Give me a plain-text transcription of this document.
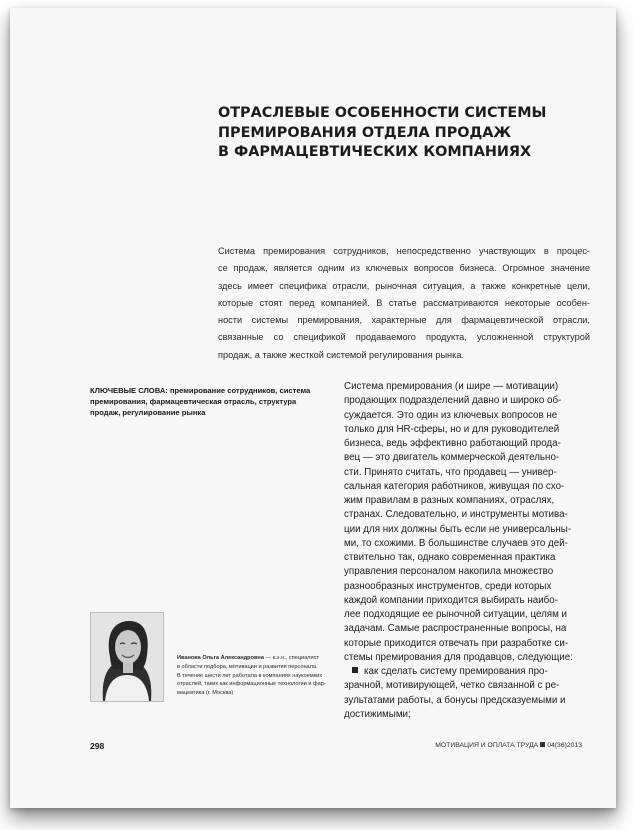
ОТРАСЛЕВЫЕ ОСОБЕННОСТИ СИСТЕМЫ
ПРЕМИРОВАНИЯ ОТДЕЛА ПРОДАЖ
В ФАРМАЦЕВТИЧЕСКИХ КОМПАНИЯХ
Система премирования сотрудников, непосредственно участвующих в процес-
се продаж, является одним из ключевых вопросов бизнеса. Огромное значение
здесь имеет специфика отрасли, рыночная ситуация, а также конкретные цели,
которые стоят перед компанией. В статье рассматриваются некоторые особен-
ности системы премирования, характерные для фармацевтической отрасли,
связанные со спецификой продаваемого продукта, усложненной структурой
продаж, а также жесткой системой регулирования рынка.
КЛЮЧЕВЫЕ СЛОВА: премирование сотрудников, система
премирования, фармацевтическая отрасль, структура
продаж, регулирование рынка
Система премирования (и шире — мотивации)
продающих подразделений давно и широко об-
суждается. Это один из ключевых вопросов не
только для HR-сферы, но и для руководителей
бизнеса, ведь эффективно работающий прода-
вец — это двигатель коммерческой деятельно-
сти. Принято считать, что продавец — универ-
сальная категория работников, живущая по схо-
жим правилам в разных компаниях, отраслях,
странах. Следовательно, и инструменты мотива-
ции для них должны быть если не универсальны-
ми, то схожими. В большинстве случаев это дей-
ствительно так, однако современная практика
управления персоналом накопила множество
разнообразных инструментов, среди которых
каждой компании приходится выбирать наибо-
лее подходящие ее рыночной ситуации, целям и
задачам. Самые распространенные вопросы, на
которые приходится отвечать при разработке си-
стемы премирования для продавцов, следующие:
как сделать систему премирования про-
зрачной, мотивирующей, четко связанной с ре-
зультатами работы, а бонусы предсказуемыми и
достижимыми;
Иванова Ольга Александровна — к.э.н., специалист
в области подбора, мотивации и развития персонала.
В течение шести лет работала в компаниях наукоемких
отраслей, таких как информационные технологии и фар-
мацевтика (г. Москва)
298	МОТИВАЦИЯ И ОПЛАТА ТРУДА 04(36)2013
